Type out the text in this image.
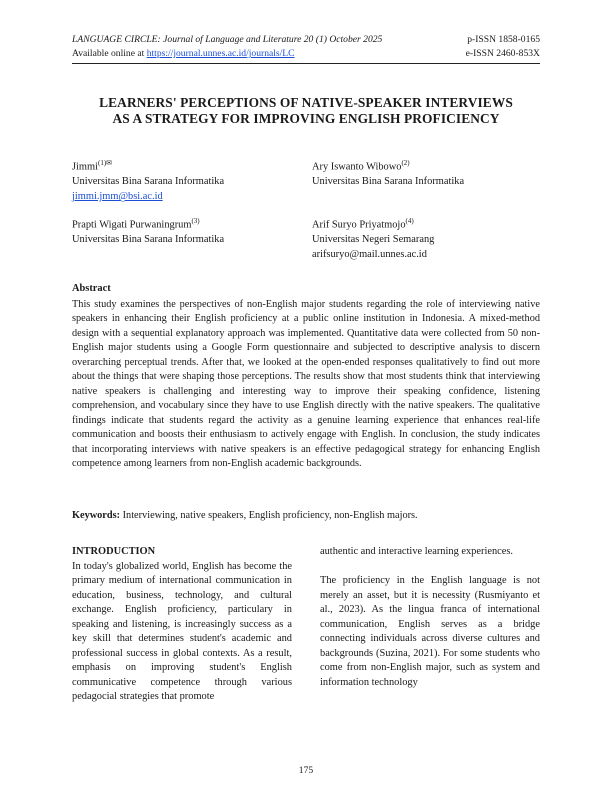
LANGUAGE CIRCLE: Journal of Language and Literature 20 (1) October 2025	p-ISSN 1858-0165
Available online at https://journal.unnes.ac.id/journals/LC	e-ISSN 2460-853X
LEARNERS' PERCEPTIONS OF NATIVE-SPEAKER INTERVIEWS AS A STRATEGY FOR IMPROVING ENGLISH PROFICIENCY
Jimmi$^{(1)✉}$
Universitas Bina Sarana Informatika
jimmi.jmm@bsi.ac.id
Ary Iswanto Wibowo$^{(2)}$
Universitas Bina Sarana Informatika
Prapti Wigati Purwaningrum$^{(3)}$
Universitas Bina Sarana Informatika
Arif Suryo Priyatmojo$^{(4)}$
Universitas Negeri Semarang
arifsuryo@mail.unnes.ac.id
Abstract
This study examines the perspectives of non-English major students regarding the role of interviewing native speakers in enhancing their English proficiency at a public online institution in Indonesia. A mixed-method design with a sequential explanatory approach was implemented. Quantitative data were collected from 50 non-English major students using a Google Form questionnaire and subjected to descriptive analysis to discern overarching perceptual trends. After that, we looked at the open-ended responses qualitatively to find out more about the things that were shaping those perceptions. The results show that most students think that interviewing native speakers is challenging and interesting way to improve their speaking confidence, listening comprehension, and vocabulary since they have to use English directly with the native speakers. The qualitative findings indicate that students regard the activity as a genuine learning experience that enhances real-life communication and boosts their enthusiasm to actively engage with English. In conclusion, the study indicates that incorporating interviews with native speakers is an effective pedagogical strategy for enhancing English competence among learners from non-English academic backgrounds.
Keywords: Interviewing, native speakers, English proficiency, non-English majors.
INTRODUCTION
In today's globalized world, English has become the primary medium of international communication in education, business, technology, and cultural exchange. English proficiency, particulary in speaking and listening, is increasingly success as a key skill that determines student's academic and professional success in global contexts. As a result, emphasis on improving student's English communicative competence through various pedagocial strategies that promote
authentic and interactive learning experiences.
The proficiency in the English language is not merely an asset, but it is necessity (Rusmiyanto et al., 2023). As the lingua franca of international communication, English serves as a bridge connecting individuals across diverse cultures and backgrounds (Suzina, 2021). For some students who come from non-English major, such as system and information technology
175
